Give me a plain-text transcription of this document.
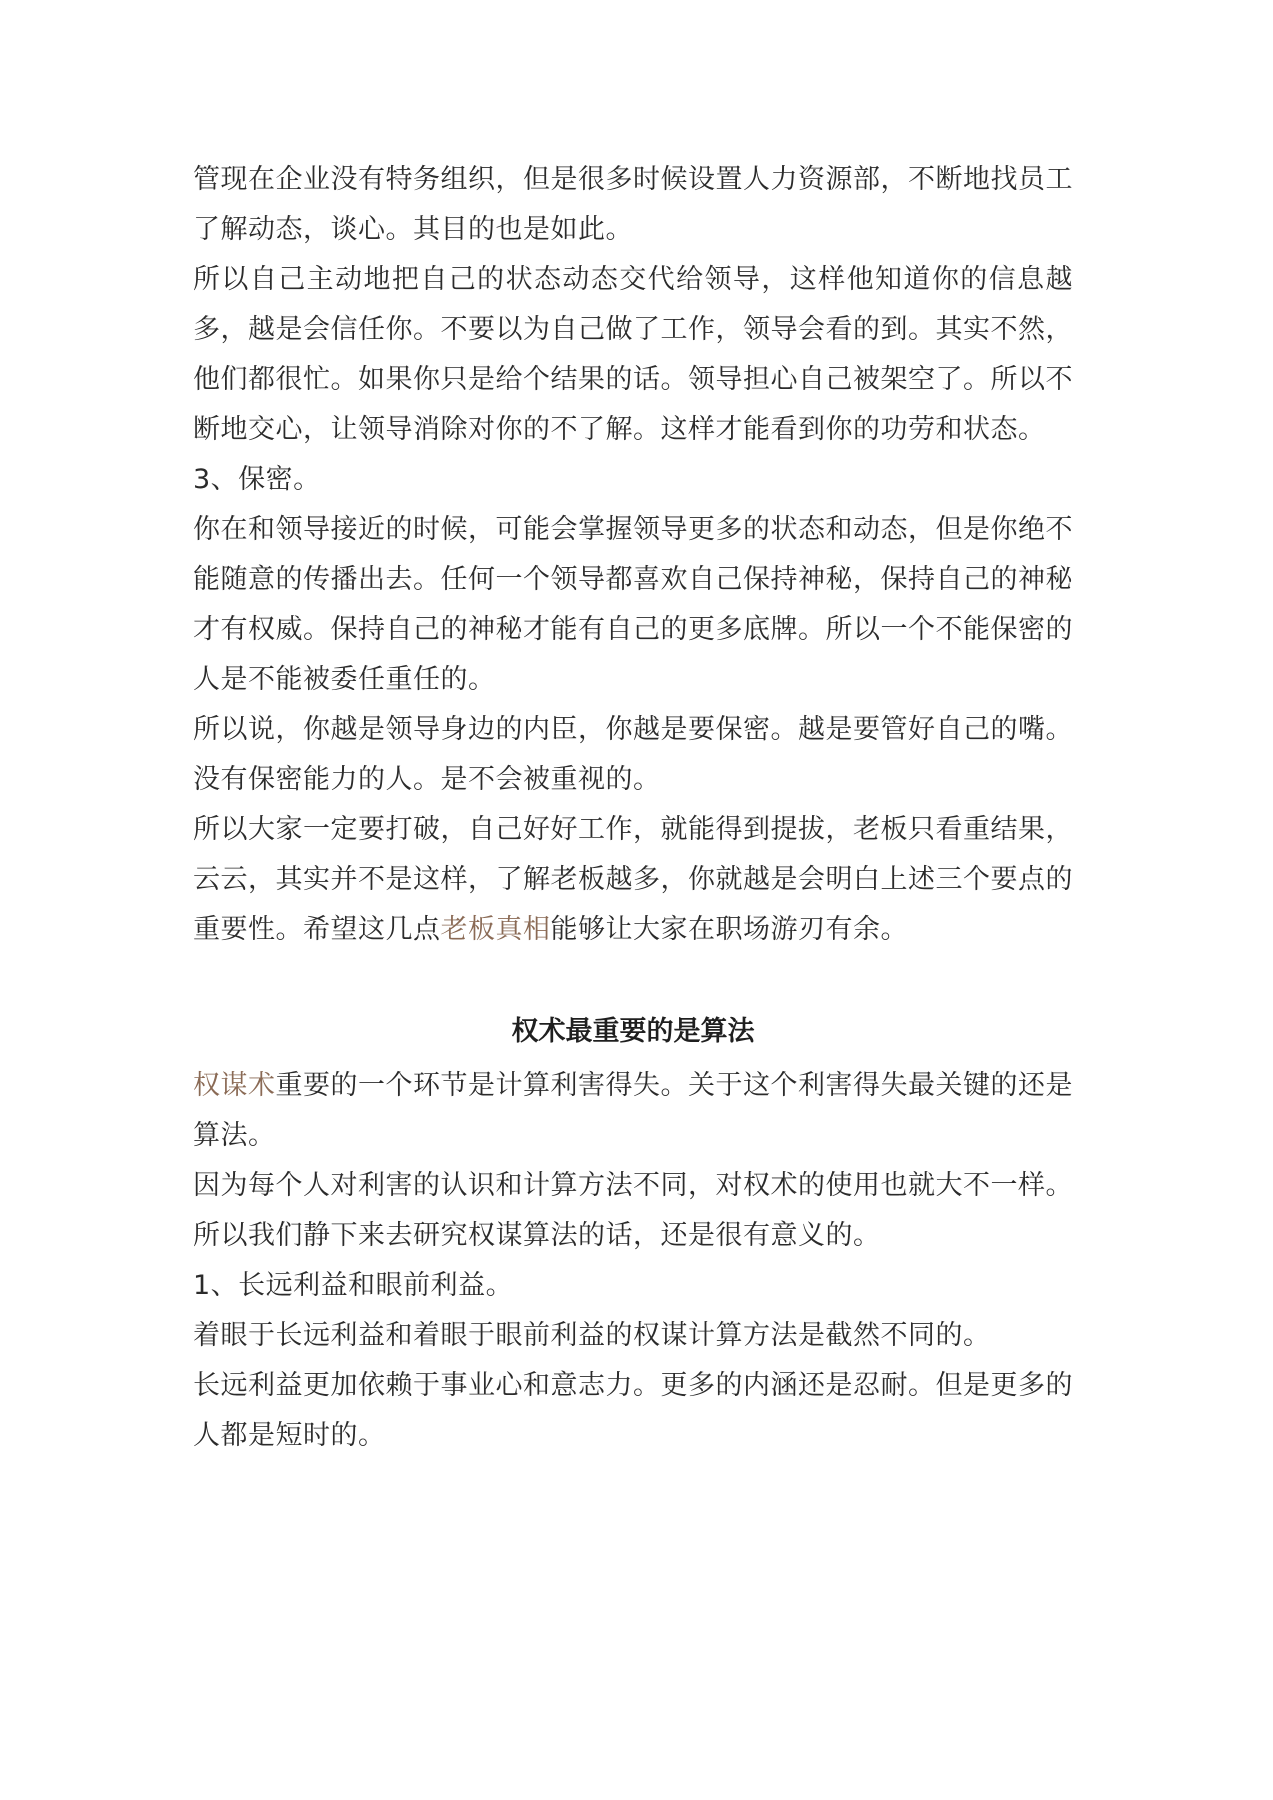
管现在企业没有特务组织，但是很多时候设置人力资源部，不断地找员工了解动态，谈心。其目的也是如此。

所以自己主动地把自己的状态动态交代给领导，这样他知道你的信息越多，越是会信任你。不要以为自己做了工作，领导会看的到。其实不然，他们都很忙。如果你只是给个结果的话。领导担心自己被架空了。所以不断地交心，让领导消除对你的不了解。这样才能看到你的功劳和状态。

3、保密。

你在和领导接近的时候，可能会掌握领导更多的状态和动态，但是你绝不能随意的传播出去。任何一个领导都喜欢自己保持神秘，保持自己的神秘才有权威。保持自己的神秘才能有自己的更多底牌。所以一个不能保密的人是不能被委任重任的。

所以说，你越是领导身边的内臣，你越是要保密。越是要管好自己的嘴。没有保密能力的人。是不会被重视的。

所以大家一定要打破，自己好好工作，就能得到提拔，老板只看重结果，云云，其实并不是这样，了解老板越多，你就越是会明白上述三个要点的重要性。希望这几点老板真相能够让大家在职场游刃有余。

权术最重要的是算法

权谋术重要的一个环节是计算利害得失。关于这个利害得失最关键的还是算法。

因为每个人对利害的认识和计算方法不同，对权术的使用也就大不一样。

所以我们静下来去研究权谋算法的话，还是很有意义的。

1、长远利益和眼前利益。

着眼于长远利益和着眼于眼前利益的权谋计算方法是截然不同的。

长远利益更加依赖于事业心和意志力。更多的内涵还是忍耐。但是更多的人都是短时的。
